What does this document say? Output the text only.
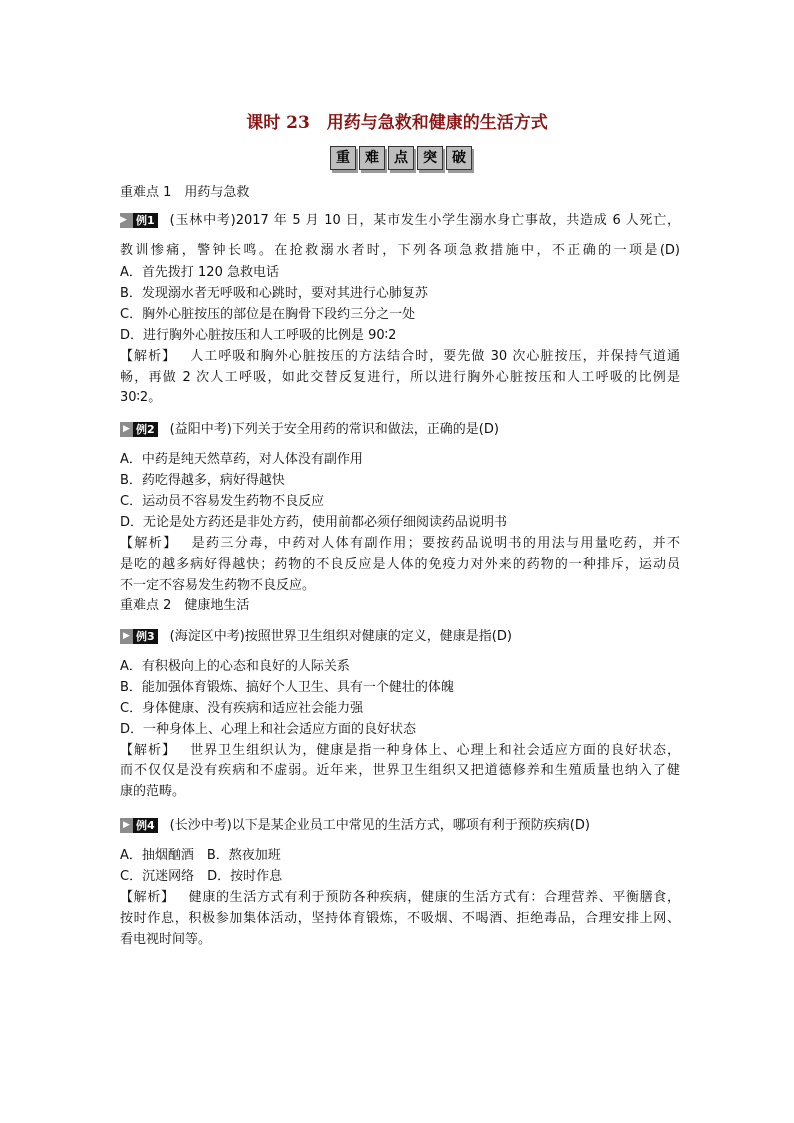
课时 23　用药与急救和健康的生活方式
重	难	点	突	破
重难点 1　用药与急救
▶ 例1 (玉林中考)2017 年 5 月 10 日，某市发生小学生溺水身亡事故，共造成 6 人死亡，
教训惨痛，警钟长鸣。在抢救溺水者时，下列各项急救措施中，不正确的一项是(D)
A．首先拨打 120 急救电话
B．发现溺水者无呼吸和心跳时，要对其进行心肺复苏
C．胸外心脏按压的部位是在胸骨下段约三分之一处
D．进行胸外心脏按压和人工呼吸的比例是 90∶2
【解析】 人工呼吸和胸外心脏按压的方法结合时，要先做 30 次心脏按压，并保持气道通
畅，再做 2 次人工呼吸，如此交替反复进行，所以进行胸外心脏按压和人工呼吸的比例是
30∶2。
▶ 例2 (益阳中考)下列关于安全用药的常识和做法，正确的是(D)
A．中药是纯天然草药，对人体没有副作用
B．药吃得越多，病好得越快
C．运动员不容易发生药物不良反应
D．无论是处方药还是非处方药，使用前都必须仔细阅读药品说明书
【解析】 是药三分毒，中药对人体有副作用；要按药品说明书的用法与用量吃药，并不
是吃的越多病好得越快；药物的不良反应是人体的免疫力对外来的药物的一种排斥，运动员
不一定不容易发生药物不良反应。
重难点 2　健康地生活
▶ 例3 (海淀区中考)按照世界卫生组织对健康的定义，健康是指(D)
A．有积极向上的心态和良好的人际关系
B．能加强体育锻炼、搞好个人卫生、具有一个健壮的体魄
C．身体健康、没有疾病和适应社会能力强
D．一种身体上、心理上和社会适应方面的良好状态
【解析】 世界卫生组织认为，健康是指一种身体上、心理上和社会适应方面的良好状态，
而不仅仅是没有疾病和不虚弱。近年来，世界卫生组织又把道德修养和生殖质量也纳入了健
康的范畴。
▶ 例4 (长沙中考)以下是某企业员工中常见的生活方式，哪项有利于预防疾病(D)
A．抽烟酗酒　B．熬夜加班
C．沉迷网络　D．按时作息
【解析】 健康的生活方式有利于预防各种疾病，健康的生活方式有：合理营养、平衡膳食，
按时作息，积极参加集体活动，坚持体育锻炼，不吸烟、不喝酒、拒绝毒品，合理安排上网、
看电视时间等。
